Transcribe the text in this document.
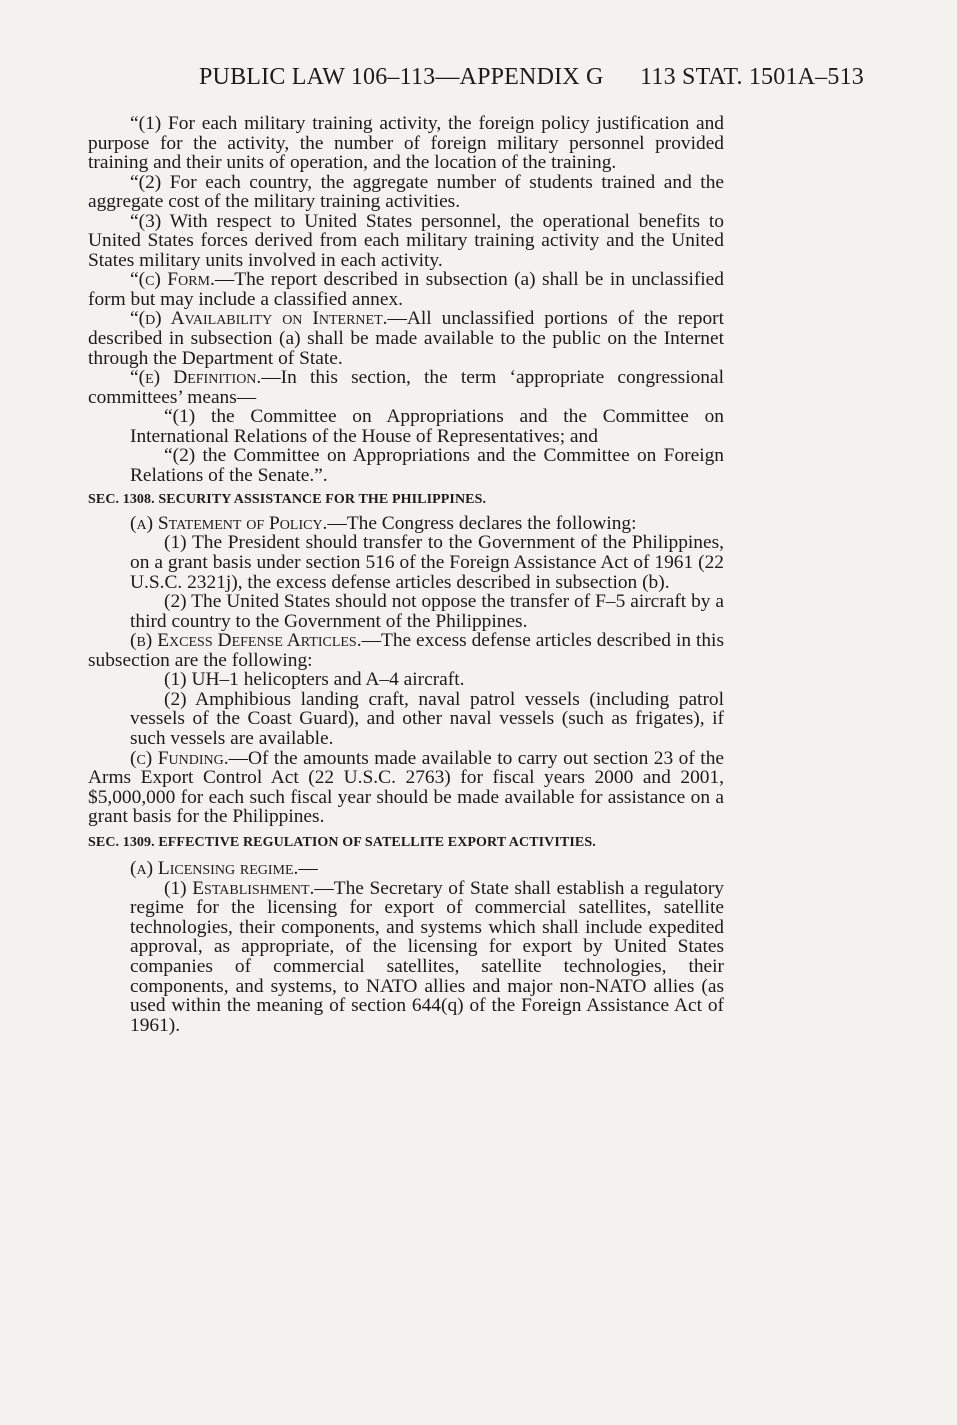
PUBLIC LAW 106–113—APPENDIX G 113 STAT. 1501A–513

“(1) For each military training activity, the foreign policy justification and purpose for the activity, the number of foreign military personnel provided training and their units of operation, and the location of the training.

“(2) For each country, the aggregate number of students trained and the aggregate cost of the military training activities.

“(3) With respect to United States personnel, the operational benefits to United States forces derived from each military training activity and the United States military units involved in each activity.

“(c) Form.—The report described in subsection (a) shall be in unclassified form but may include a classified annex.

“(d) Availability on Internet.—All unclassified portions of the report described in subsection (a) shall be made available to the public on the Internet through the Department of State.

“(e) Definition.—In this section, the term ‘appropriate congressional committees’ means—

“(1) the Committee on Appropriations and the Committee on International Relations of the House of Representatives; and

“(2) the Committee on Appropriations and the Committee on Foreign Relations of the Senate.”.

SEC. 1308. SECURITY ASSISTANCE FOR THE PHILIPPINES.

(a) Statement of Policy.—The Congress declares the following:

(1) The President should transfer to the Government of the Philippines, on a grant basis under section 516 of the Foreign Assistance Act of 1961 (22 U.S.C. 2321j), the excess defense articles described in subsection (b).

(2) The United States should not oppose the transfer of F–5 aircraft by a third country to the Government of the Philippines.

(b) Excess Defense Articles.—The excess defense articles described in this subsection are the following:

(1) UH–1 helicopters and A–4 aircraft.

(2) Amphibious landing craft, naval patrol vessels (including patrol vessels of the Coast Guard), and other naval vessels (such as frigates), if such vessels are available.

(c) Funding.—Of the amounts made available to carry out section 23 of the Arms Export Control Act (22 U.S.C. 2763) for fiscal years 2000 and 2001, $5,000,000 for each such fiscal year should be made available for assistance on a grant basis for the Philippines.

SEC. 1309. EFFECTIVE REGULATION OF SATELLITE EXPORT ACTIVITIES.

(a) Licensing regime.—

(1) Establishment.—The Secretary of State shall establish a regulatory regime for the licensing for export of commercial satellites, satellite technologies, their components, and systems which shall include expedited approval, as appropriate, of the licensing for export by United States companies of commercial satellites, satellite technologies, their components, and systems, to NATO allies and major non-NATO allies (as used within the meaning of section 644(q) of the Foreign Assistance Act of 1961).
